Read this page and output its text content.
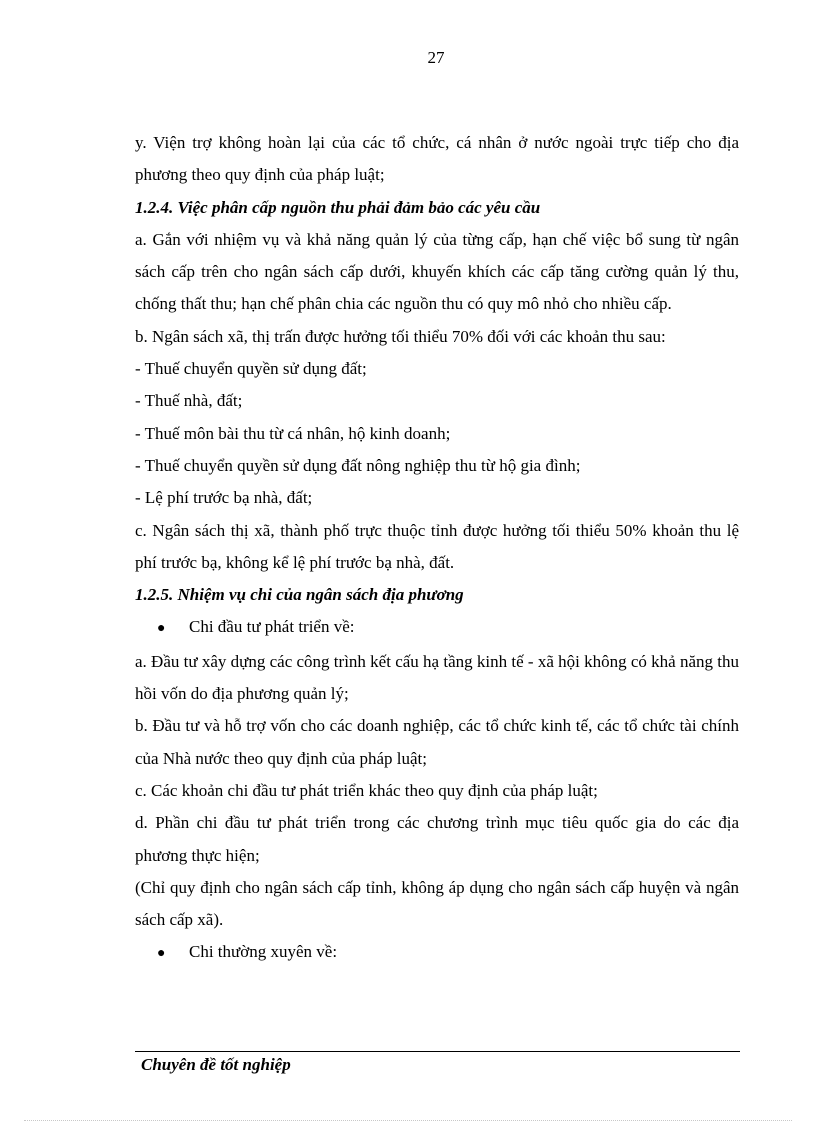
27

y. Viện trợ không hoàn lại của các tổ chức, cá nhân ở nước ngoài trực tiếp cho địa phương theo quy định của pháp luật;

1.2.4. Việc phân cấp nguồn thu phải đảm bảo các yêu cầu

a. Gắn với nhiệm vụ và khả năng quản lý của từng cấp, hạn chế việc bổ sung từ ngân sách cấp trên cho ngân sách cấp dưới, khuyến khích các cấp tăng cường quản lý thu, chống thất thu; hạn chế phân chia các nguồn thu có quy mô nhỏ cho nhiều cấp.

b. Ngân sách xã, thị trấn được hưởng tối thiểu 70% đối với các khoản thu sau:

- Thuế chuyển quyền sử dụng đất;

- Thuế nhà, đất;

- Thuế môn bài thu từ cá nhân, hộ kinh doanh;

- Thuế chuyển quyền sử dụng đất nông nghiệp thu từ hộ gia đình;

- Lệ phí trước bạ nhà, đất;

c. Ngân sách thị xã, thành phố trực thuộc tỉnh được hưởng tối thiểu 50% khoản thu lệ phí trước bạ, không kể lệ phí trước bạ nhà, đất.

1.2.5. Nhiệm vụ chi của ngân sách địa phương

● Chi đầu tư phát triển về:

a. Đầu tư xây dựng các công trình kết cấu hạ tầng kinh tế - xã hội không có khả năng thu hồi vốn do địa phương quản lý;

b. Đầu tư và hỗ trợ vốn cho các doanh nghiệp, các tổ chức kinh tế, các tổ chức tài chính của Nhà nước theo quy định của pháp luật;

c. Các khoản chi đầu tư phát triển khác theo quy định của pháp luật;

d. Phần chi đầu tư phát triển trong các chương trình mục tiêu quốc gia do các địa phương thực hiện;

(Chỉ quy định cho ngân sách cấp tỉnh, không áp dụng cho ngân sách cấp huyện và ngân sách cấp xã).

● Chi thường xuyên về:

Chuyên đề tốt nghiệp
